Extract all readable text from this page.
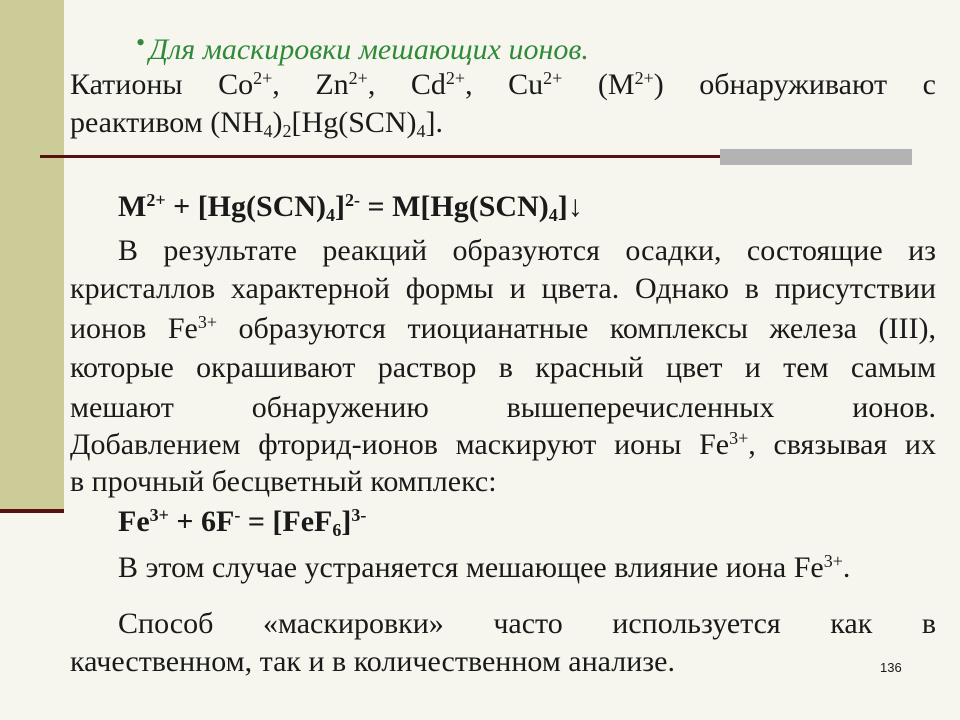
• Для маскировки мешающих ионов.
Катионы $Со^{2+}$, $Zn^{2+}$, $Cd^{2+}$, $Cu^{2+}$ $(M^{2+})$ обнаруживают с
реактивом $(NH_4)_2[Hg(SCN)_4]$.
$M^{2+} + [Hg(SCN)_4]^{2-}$ = $M[Hg(SCN)_4]↓$
В результате реакций образуются осадки, состоящие из
кристаллов характерной формы и цвета. Однако в присутствии
ионов $Fe^{3+}$ образуются тиоцианатные комплексы железа (III),
которые окрашивают раствор в красный цвет и тем самым
мешают обнаружению вышеперечисленных ионов.
Добавлением фторид-ионов маскируют ионы $Fe^{3+}$, связывая их
в прочный бесцветный комплекс:
$Fe^{3+} + 6F^- = [FeF_6]^{3-}$
В этом случае устраняется мешающее влияние иона $Fe^{3+}$.
Способ «маскировки» часто используется как в
качественном, так и в количественном анализе.	136
